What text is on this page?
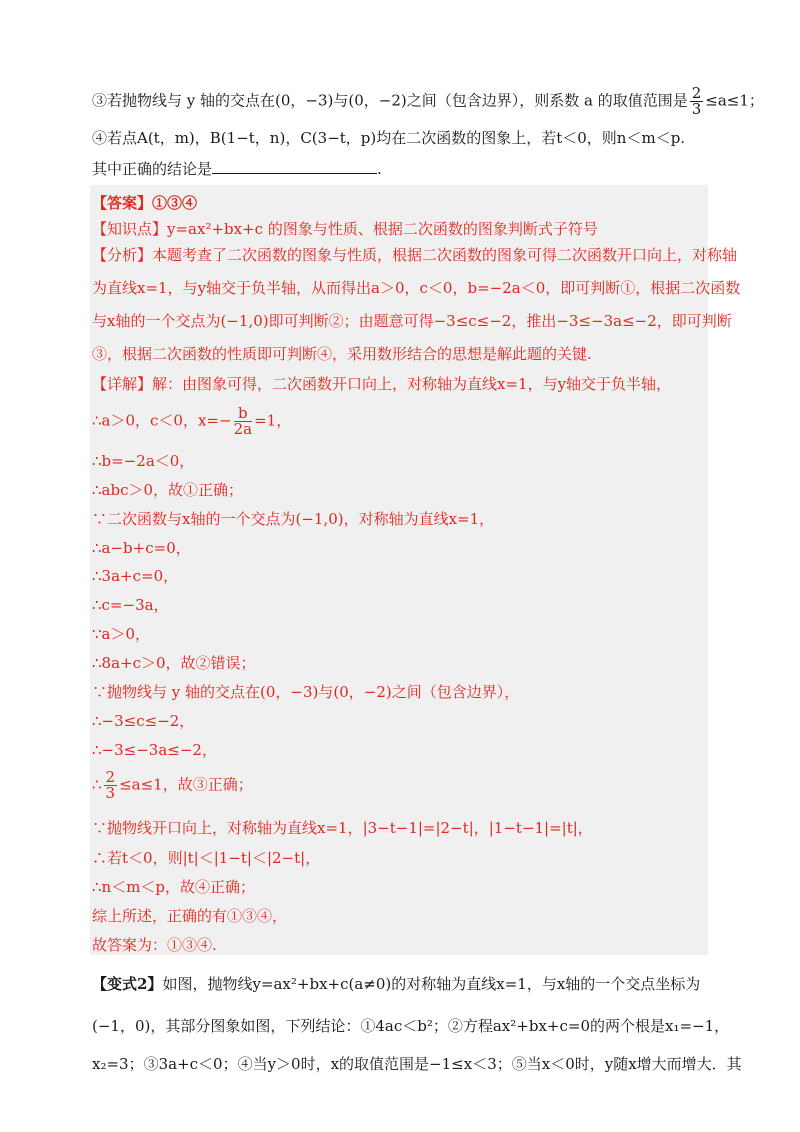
③若抛物线与 y 轴的交点在(0，−3)与(0，−2)之间（包含边界），则系数 a 的取值范围是 $\frac{2}{3} \le a\le 1$；
④若点A(t，m)，B(1−t，n)，C(3−t，p)均在二次函数的图象上，若t＜0，则n＜m＜p.
其中正确的结论是	.
【答案】①③④
【知识点】y=ax²+bx+c 的图象与性质、根据二次函数的图象判断式子符号
【分析】本题考查了二次函数的图象与性质，根据二次函数的图象可得二次函数开口向上，对称轴
为直线x=1，与y轴交于负半轴，从而得出a＞0，c＜0，b=−2a＜0，即可判断①，根据二次函数
与x轴的一个交点为(−1,0)即可判断②；由题意可得−3≤c≤−2，推出−3≤−3a≤−2，即可判断
③，根据二次函数的性质即可判断④，采用数形结合的思想是解此题的关键.
【详解】解：由图象可得，二次函数开口向上，对称轴为直线x=1，与y轴交于负半轴，
∴a＞0，c＜0，$x=- \frac{b}{2a} =1$，
∴b=−2a＜0，
∴abc＞0，故①正确；
∵二次函数与x轴的一个交点为(−1,0)，对称轴为直线x=1，
∴a−b+c=0，
∴3a+c=0，
∴c=−3a，
∵a＞0，
∴8a+c＞0，故②错误；
∵抛物线与 y 轴的交点在(0，−3)与(0，−2)之间（包含边界），
∴−3≤c≤−2，
∴−3≤−3a≤−2，
∴ $\frac{2}{3} \le a\le 1$，故③正确；
∵抛物线开口向上，对称轴为直线x=1，|3−t−1|=|2−t|，|1−t−1|=|t|，
∴若t＜0，则|t|＜|1−t|＜|2−t|，
∴n＜m＜p，故④正确；
综上所述，正确的有①③④，
故答案为：①③④.
【变式2】如图，抛物线y=ax²+bx+c(a≠0)的对称轴为直线x=1，与x轴的一个交点坐标为
(−1，0)，其部分图象如图，下列结论：①4ac＜b²；②方程ax²+bx+c=0的两个根是x₁=−1，
x₂=3；③3a+c＜0；④当y＞0时，x的取值范围是−1≤x＜3；⑤当x＜0时，y随x增大而增大．其
